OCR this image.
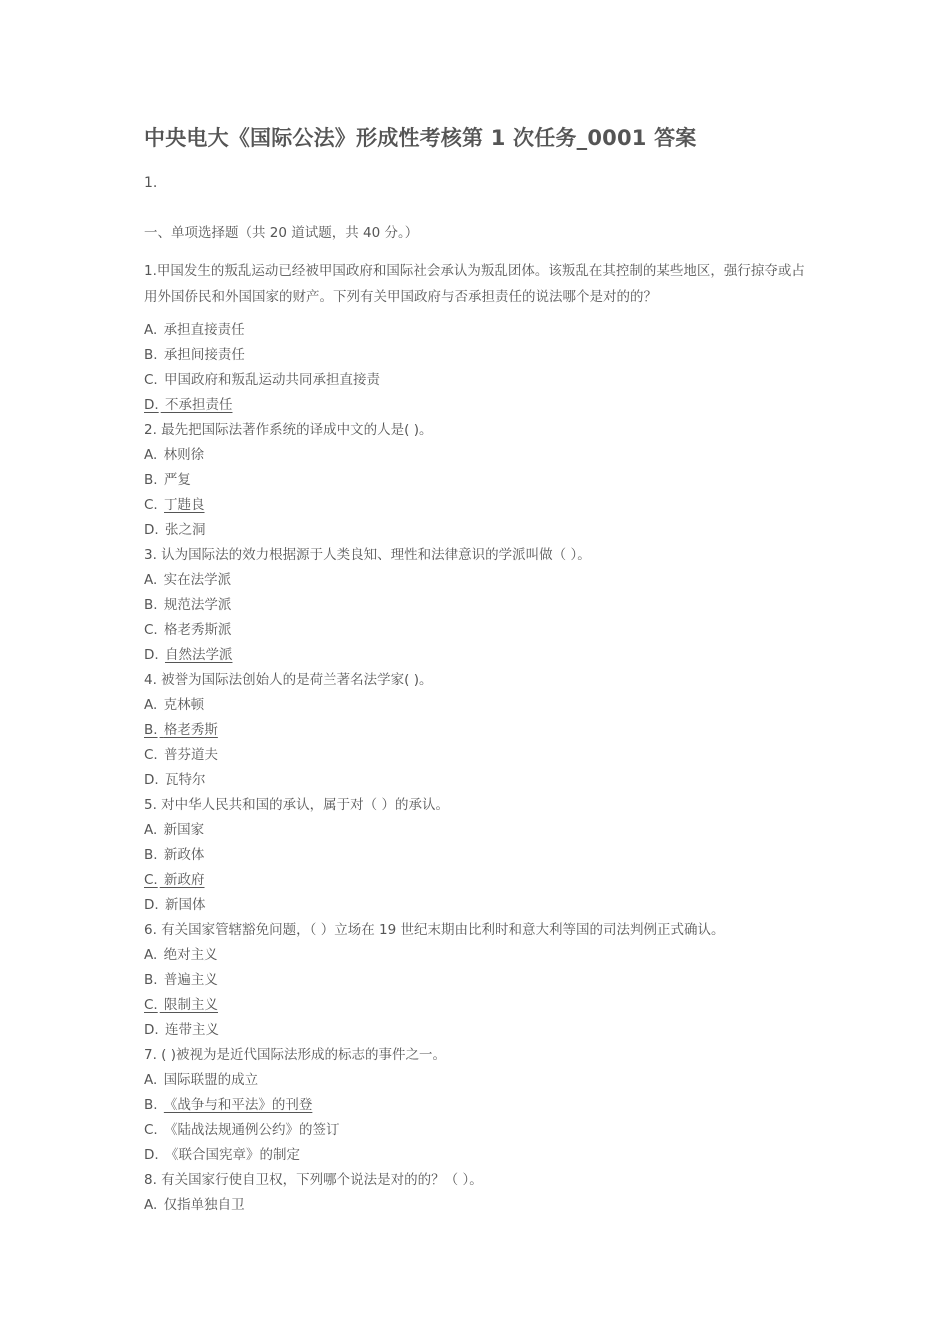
中央电大《国际公法》形成性考核第 1 次任务_0001 答案
1.
一、单项选择题（共 20 道试题，共 40 分。）
1.甲国发生的叛乱运动已经被甲国政府和国际社会承认为叛乱团体。该叛乱在其控制的某些地区，强行掠夺或占用外国侨民和外国国家的财产。下列有关甲国政府与否承担责任的说法哪个是对的的？
A. 承担直接责任
B. 承担间接责任
C. 甲国政府和叛乱运动共同承担直接责
D. 不承担责任
2. 最先把国际法著作系统的译成中文的人是( )。
A. 林则徐
B. 严复
C. 丁韪良
D. 张之洞
3. 认为国际法的效力根据源于人类良知、理性和法律意识的学派叫做（ ）。
A. 实在法学派
B. 规范法学派
C. 格老秀斯派
D. 自然法学派
4. 被誉为国际法创始人的是荷兰著名法学家( )。
A. 克林顿
B. 格老秀斯
C. 普芬道夫
D. 瓦特尔
5. 对中华人民共和国的承认，属于对（ ）的承认。
A. 新国家
B. 新政体
C. 新政府
D. 新国体
6. 有关国家管辖豁免问题，（ ）立场在 19 世纪末期由比利时和意大利等国的司法判例正式确认。
A. 绝对主义
B. 普遍主义
C. 限制主义
D. 连带主义
7. ( )被视为是近代国际法形成的标志的事件之一。
A. 国际联盟的成立
B. 《战争与和平法》的刊登
C. 《陆战法规通例公约》的签订
D. 《联合国宪章》的制定
8. 有关国家行使自卫权，下列哪个说法是对的的？（ ）。
A. 仅指单独自卫
